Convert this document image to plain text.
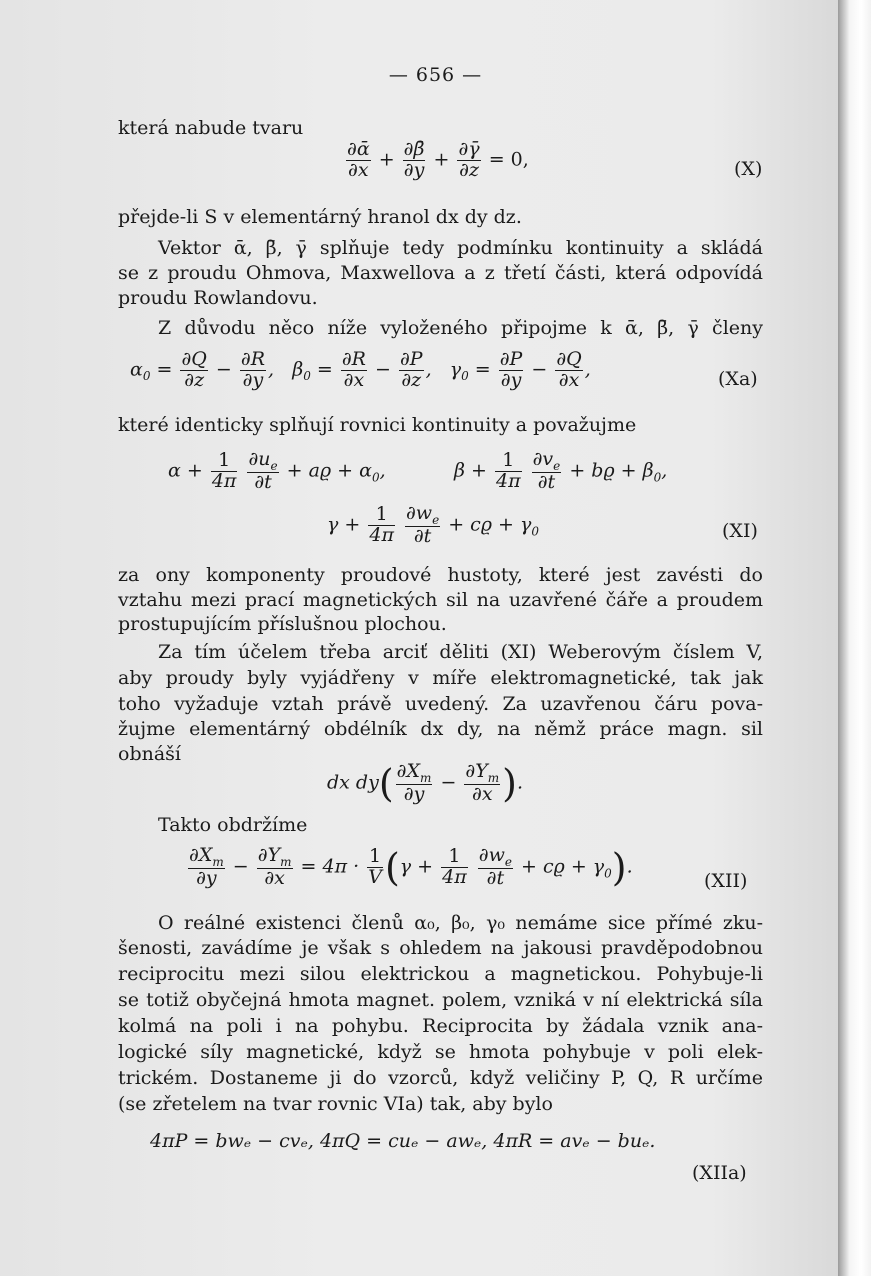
— 656 —
která nabude tvaru
$\frac{\text{∂ᾱ}}{\partial x} + \frac{\partial\betā}{\partial y} + \frac{\partial\gammā}{\partial z} = 0$,	(X)
přejde-li S v elementárný hranol dx dy dz.
Vektor ᾱ, β̄, γ̄ splňuje tedy podmínku kontinuity a skládá
se z proudu Ohmova, Maxwellova a z třetí části, která odpovídá
proudu Rowlandovu.
Z důvodu něco níže vyloženého připojme k ᾱ, β̄, γ̄ členy
$\alpha_0 = \frac{\partial Q}{\partial z} - \frac{\partial R}{\partial y}$ ,   $\beta_0 = \frac{\partial R}{\partial x} - \frac{\partial P}{\partial z}$ ,   $\gamma_0 = \frac{\partial P}{\partial y} - \frac{\partial Q}{\partial x}$ ,	(Xa)
které identicky splňují rovnici kontinuity a považujme
$\alpha + \frac{1}{4\pi}$
$\frac{\partial u_e}{\partial t} + aϱ + \alpha_0$,	$\beta + \frac{1}{4\pi}$
$\frac{\partial v_e}{\partial t} + bϱ + \beta_0$,
$\gamma + \frac{1}{4\pi}$
$\frac{\partial w_e}{\partial t} + cϱ + \gamma_0$	(XI)
za ony komponenty proudové hustoty, které jest zavésti do
vztahu mezi prací magnetických sil na uzavřené čáře a proudem
prostupujícím příslušnou plochou.
Za tím účelem třeba arciť děliti (XI) Weberovým číslem V,
aby proudy byly vyjádřeny v míře elektromagnetické, tak jak
toho vyžaduje vztah právě uvedený. Za uzavřenou čáru pova-
žujme elementárný obdélník dx dy, na němž práce magn. sil
obnáší
dx $dy( \frac{\partial X_m}{\partial y} - \frac{\partial Y_m}{\partial x}$ ).
Takto obdržíme
$\frac{\partial X_m}{\partial y} - \frac{\partial Y_m}{\partial x} = 4\pi \cdot \frac{1}{V} (\gamma + \frac{1}{4\pi}$
$\frac{\partial w_e}{\partial t} + cϱ + \gamma_0$).
(XII)
O reálné existenci členů α₀, β₀, γ₀ nemáme sice přímé zku-
šenosti, zavádíme je však s ohledem na jakousi pravděpodobnou
reciprocitu mezi silou elektrickou a magnetickou. Pohybuje-li
se totiž obyčejná hmota magnet. polem, vzniká v ní elektrická síla
kolmá na poli i na pohybu. Reciprocita by žádala vznik ana-
logické síly magnetické, když se hmota pohybuje v poli elek-
trickém. Dostaneme ji do vzorců, když veličiny P, Q, R určíme
(se zřetelem na tvar rovnic VIa) tak, aby bylo
4πP = bwₑ − cvₑ, 4πQ = cuₑ − awₑ, 4πR = avₑ − buₑ.
(XIIa)
